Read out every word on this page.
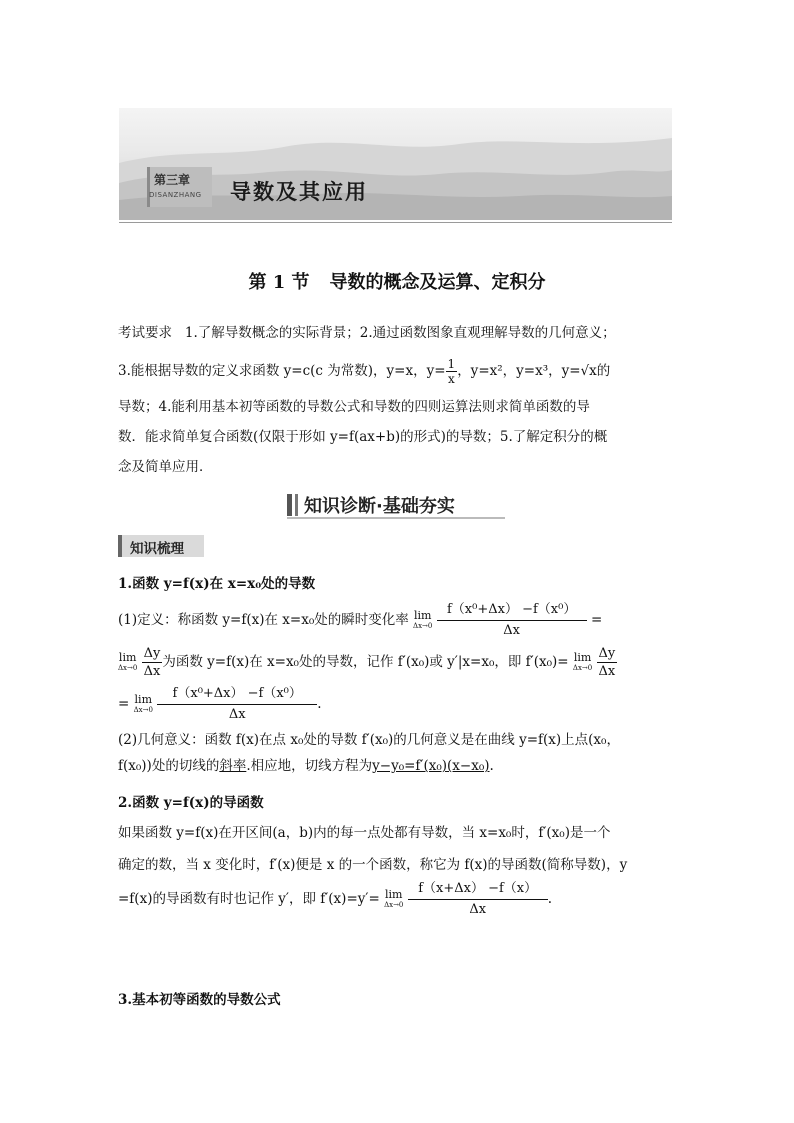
第三章
DISANZHANG 导数及其应用
第 1 节 导数的概念及运算、定积分
考试要求 1.了解导数概念的实际背景；2.通过函数图象直观理解导数的几何意义；
3.能根据导数的定义求函数 y=c(c 为常数)，y=x，$y= \frac{1}{x}$ ，y=x²，y=x³，y=√x的
导数；4.能利用基本初等函数的导数公式和导数的四则运算法则求简单函数的导
数．能求简单复合函数(仅限于形如 y=f(ax+b)的形式)的导数；5.了解定积分的概
念及简单应用．
知识诊断·基础夯实
知识梳理
1.函数 y=f(x)在 x=x₀处的导数
(1)定义：称函数 y=f(x)在 x=x₀处的瞬时变化率 lim
Δx→0
$\frac{\text{f（x⁰+Δx） −f（x⁰）}}{\Delta x}$ =
lim
Δx→0
$\frac{\Delta y}{\Delta x}$ 为函数 y=f(x)在 x=x₀处的导数，记作 f′(x₀)或 y′|x=x₀，即 f′(x₀)= lim
Δx→0
$\frac{\Delta y}{\Delta x}$
= lim
Δx→0
$\frac{\text{f（x⁰+Δx） −f（x⁰）}}{\Delta x}$ .
(2)几何意义：函数 f(x)在点 x₀处的导数 f′(x₀)的几何意义是在曲线 y=f(x)上点(x₀，
f(x₀))处的切线的斜率.相应地，切线方程为y−y₀=f′(x₀)(x−x₀).
2.函数 y=f(x)的导函数
如果函数 y=f(x)在开区间(a，b)内的每一点处都有导数，当 x=x₀时，f′(x₀)是一个
确定的数，当 x 变化时，f′(x)便是 x 的一个函数，称它为 f(x)的导函数(简称导数)，y
=f(x)的导函数有时也记作 y′，即 f′(x)=y′= lim
Δx→0
$\frac{f(x+\Delta x) -f(x)}{\Delta x}$ .
3.基本初等函数的导数公式
